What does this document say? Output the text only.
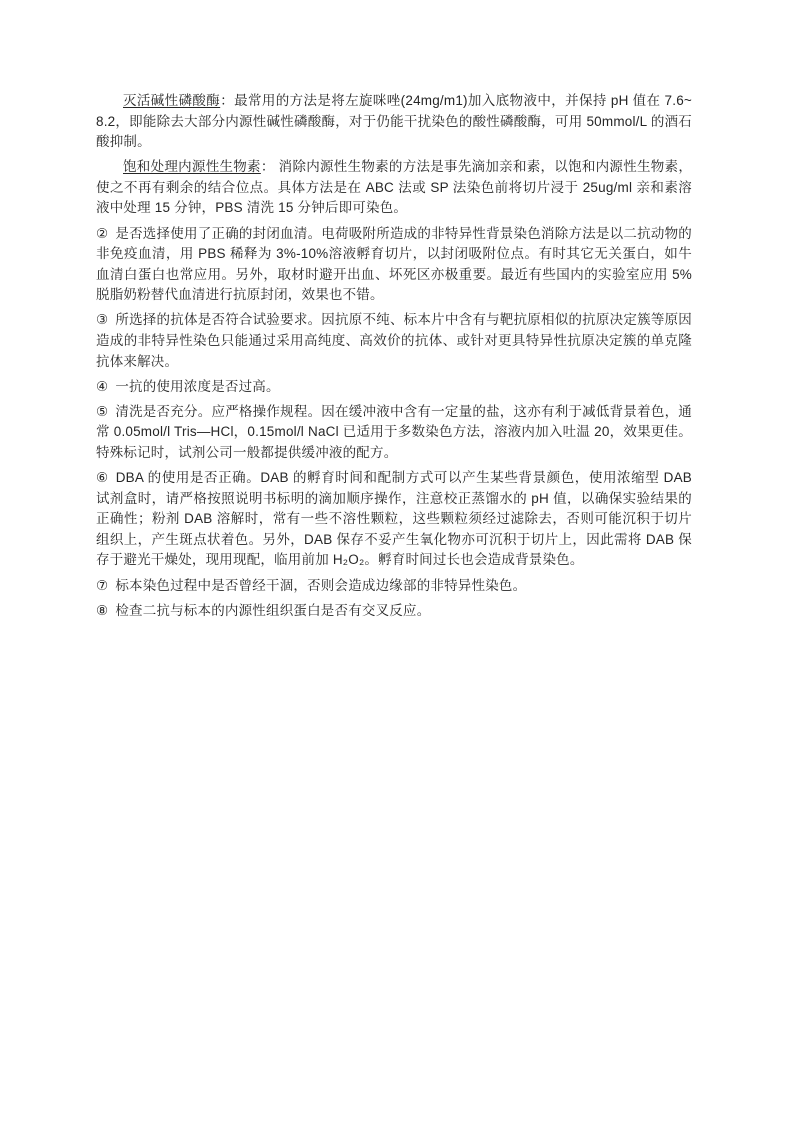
灭活碱性磷酸酶：最常用的方法是将左旋咪唑(24mg/m1)加入底物液中，并保持 pH 值在 7.6~8.2，即能除去大部分内源性碱性磷酸酶，对于仍能干扰染色的酸性磷酸酶，可用 50mmol/L 的酒石酸抑制。

饱和处理内源性生物素： 消除内源性生物素的方法是事先滴加亲和素，以饱和内源性生物素，使之不再有剩余的结合位点。具体方法是在 ABC 法或 SP 法染色前将切片浸于 25ug/ml 亲和素溶液中处理 15 分钟，PBS 清洗 15 分钟后即可染色。

② 是否选择使用了正确的封闭血清。电荷吸附所造成的非特异性背景染色消除方法是以二抗动物的非免疫血清，用 PBS 稀释为 3%-10%溶液孵育切片，以封闭吸附位点。有时其它无关蛋白，如牛血清白蛋白也常应用。另外，取材时避开出血、坏死区亦极重要。最近有些国内的实验室应用 5%脱脂奶粉替代血清进行抗原封闭，效果也不错。

③ 所选择的抗体是否符合试验要求。因抗原不纯、标本片中含有与靶抗原相似的抗原决定簇等原因造成的非特异性染色只能通过采用高纯度、高效价的抗体、或针对更具特异性抗原决定簇的单克隆抗体来解决。

④ 一抗的使用浓度是否过高。

⑤ 清洗是否充分。应严格操作规程。因在缓冲液中含有一定量的盐，这亦有利于减低背景着色，通常 0.05mol/l Tris—HCl，0.15mol/l NaCl 已适用于多数染色方法，溶液内加入吐温 20，效果更佳。特殊标记时，试剂公司一般都提供缓冲液的配方。

⑥ DBA 的使用是否正确。DAB 的孵育时间和配制方式可以产生某些背景颜色，使用浓缩型 DAB 试剂盒时，请严格按照说明书标明的滴加顺序操作，注意校正蒸馏水的 pH 值，以确保实验结果的正确性；粉剂 DAB 溶解时，常有一些不溶性颗粒，这些颗粒须经过滤除去，否则可能沉积于切片组织上，产生斑点状着色。另外，DAB 保存不妥产生氧化物亦可沉积于切片上，因此需将 DAB 保存于避光干燥处，现用现配，临用前加 H₂O₂。孵育时间过长也会造成背景染色。

⑦ 标本染色过程中是否曾经干涸，否则会造成边缘部的非特异性染色。

⑧ 检查二抗与标本的内源性组织蛋白是否有交叉反应。
